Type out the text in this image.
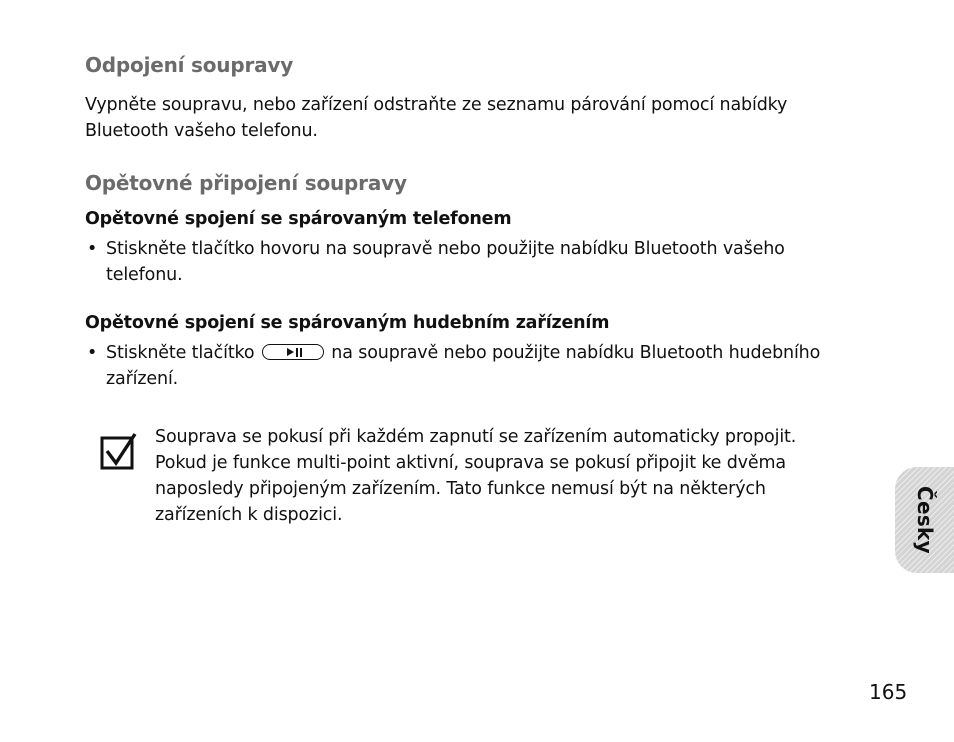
Odpojení soupravy

Vypněte soupravu, nebo zařízení odstraňte ze seznamu párování pomocí nabídky
Bluetooth vašeho telefonu.

Opětovné připojení soupravy
Opětovné spojení se spárovaným telefonem
• Stiskněte tlačítko hovoru na soupravě nebo použijte nabídku Bluetooth vašeho
telefonu.
Opětovné spojení se spárovaným hudebním zařízením
• Stiskněte tlačítko	na soupravě nebo použijte nabídku Bluetooth hudebního
zařízení.
Souprava se pokusí při každém zapnutí se zařízením automaticky propojit.
Pokud je funkce multi-point aktivní, souprava se pokusí připojit ke dvěma
naposledy připojeným zařízením. Tato funkce nemusí být na některých
zařízeních k dispozici.	Česky
165
